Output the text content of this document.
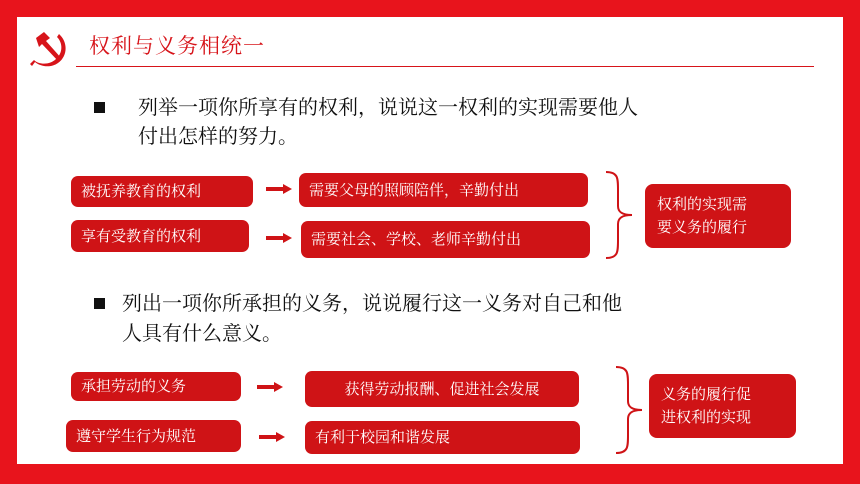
权利与义务相统一
列举一项你所享有的权利，说说这一权利的实现需要他人
付出怎样的努力。
被抚养教育的权利	需要父母的照顾陪伴，辛勤付出
享有受教育的权利	需要社会、学校、老师辛勤付出
权利的实现需
要义务的履行
列出一项你所承担的义务，说说履行这一义务对自己和他
人具有什么意义。
承担劳动的义务	获得劳动报酬、促进社会发展
遵守学生行为规范	有利于校园和谐发展
义务的履行促
进权利的实现
